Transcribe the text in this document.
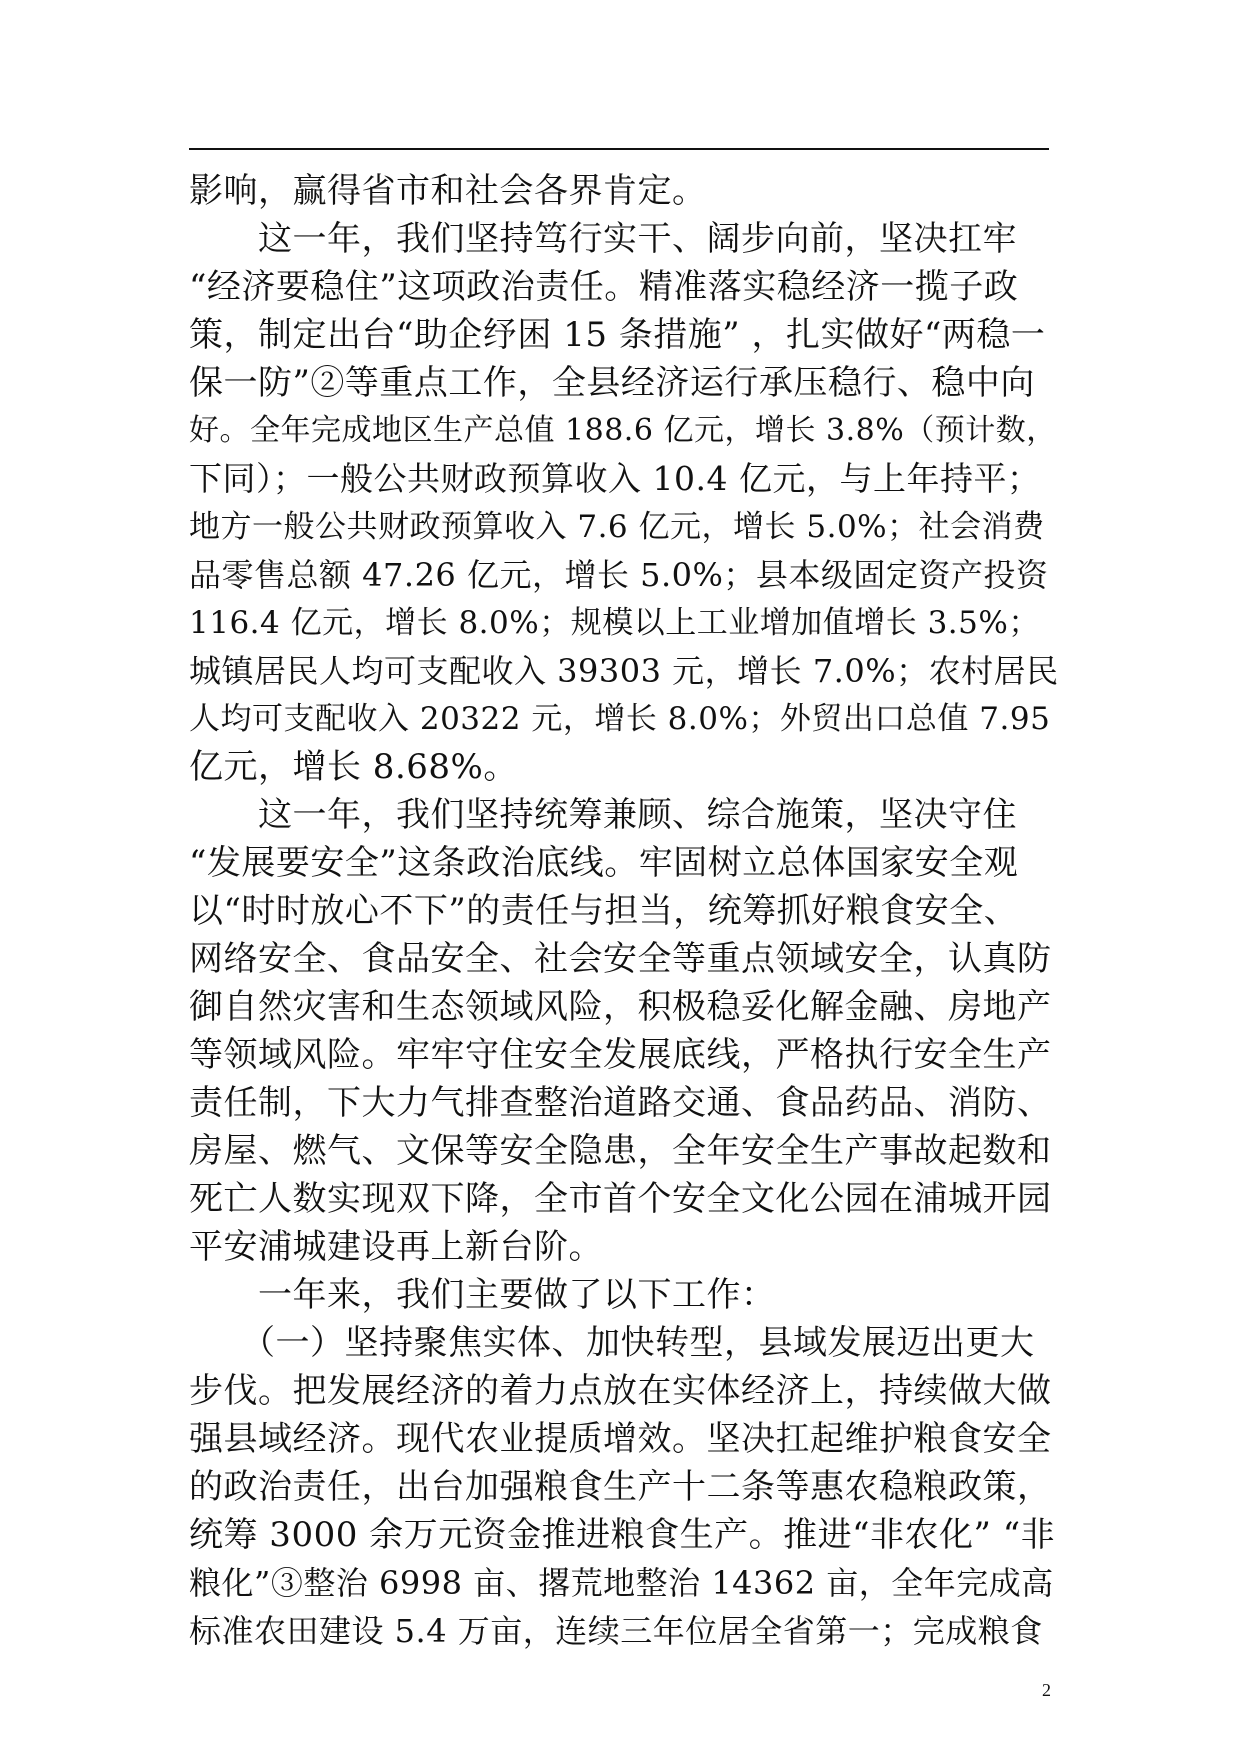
影响，赢得省市和社会各界肯定。
　　这一年，我们坚持笃行实干、阔步向前，坚决扛牢
“经济要稳住”这项政治责任。精准落实稳经济一揽子政
策，制定出台“助企纾困 15 条措施” ，扎实做好“两稳一
保一防”②等重点工作，全县经济运行承压稳行、稳中向
好。全年完成地区生产总值 188.6 亿元，增长 3.8%（预计数，
下同）；一般公共财政预算收入 10.4 亿元，与上年持平；
地方一般公共财政预算收入 7.6 亿元，增长 5.0%；社会消费
品零售总额 47.26 亿元，增长 5.0%；县本级固定资产投资
116.4 亿元，增长 8.0%；规模以上工业增加值增长 3.5%；
城镇居民人均可支配收入 39303 元，增长 7.0%；农村居民
人均可支配收入 20322 元，增长 8.0%；外贸出口总值 7.95
亿元，增长 8.68%。
　　这一年，我们坚持统筹兼顾、综合施策，坚决守住
“发展要安全”这条政治底线。牢固树立总体国家安全观
以“时时放心不下”的责任与担当，统筹抓好粮食安全、
网络安全、食品安全、社会安全等重点领域安全，认真防
御自然灾害和生态领域风险，积极稳妥化解金融、房地产
等领域风险。牢牢守住安全发展底线，严格执行安全生产
责任制，下大力气排查整治道路交通、食品药品、消防、
房屋、燃气、文保等安全隐患，全年安全生产事故起数和
死亡人数实现双下降，全市首个安全文化公园在浦城开园
平安浦城建设再上新台阶。
　　一年来，我们主要做了以下工作：
　　（一）坚持聚焦实体、加快转型，县域发展迈出更大
步伐。把发展经济的着力点放在实体经济上，持续做大做
强县域经济。现代农业提质增效。坚决扛起维护粮食安全
的政治责任，出台加强粮食生产十二条等惠农稳粮政策，
统筹 3000 余万元资金推进粮食生产。推进“非农化” “非
粮化”③整治 6998 亩、撂荒地整治 14362 亩，全年完成高
标准农田建设 5.4 万亩，连续三年位居全省第一；完成粮食
2
